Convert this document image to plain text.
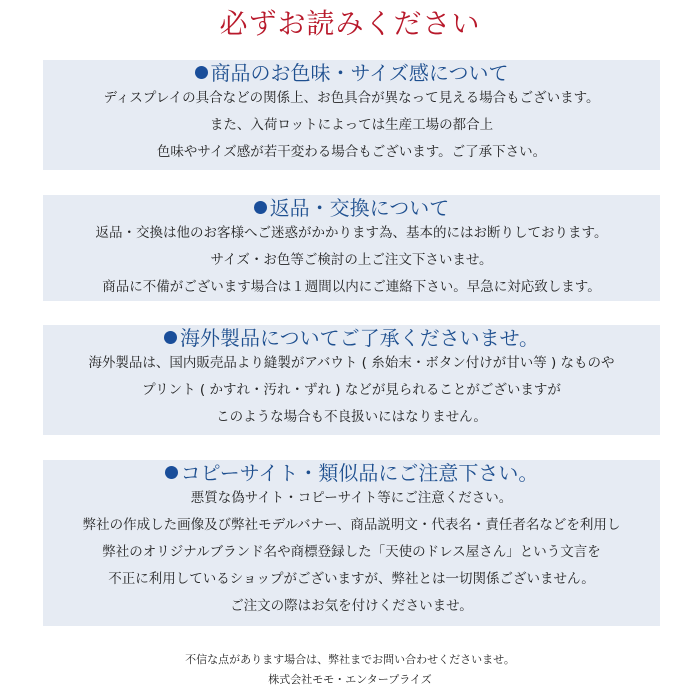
必ずお読みください
商品のお色味・サイズ感について
ディスプレイの具合などの関係上、お色具合が異なって見える場合もございます。
また、入荷ロットによっては生産工場の都合上
色味やサイズ感が若干変わる場合もございます。ご了承下さい。
返品・交換について
返品・交換は他のお客様へご迷惑がかかります為、基本的にはお断りしております。
サイズ・お色等ご検討の上ご注文下さいませ。
商品に不備がございます場合は１週間以内にご連絡下さい。早急に対応致します。
海外製品についてご了承くださいませ。
海外製品は、国内販売品より縫製がアバウト ( 糸始末・ボタン付けが甘い等 ) なものや
プリント ( かすれ・汚れ・ずれ ) などが見られることがございますが
このような場合も不良扱いにはなりません。
コピーサイト・類似品にご注意下さい。
悪質な偽サイト・コピーサイト等にご注意ください。
弊社の作成した画像及び弊社モデルバナー、商品説明文・代表名・責任者名などを利用し
弊社のオリジナルブランド名や商標登録した「天使のドレス屋さん」という文言を
不正に利用しているショップがございますが、弊社とは一切関係ございません。
ご注文の際はお気を付けくださいませ。
不信な点があります場合は、弊社までお問い合わせくださいませ。
株式会社モモ・エンタープライズ
